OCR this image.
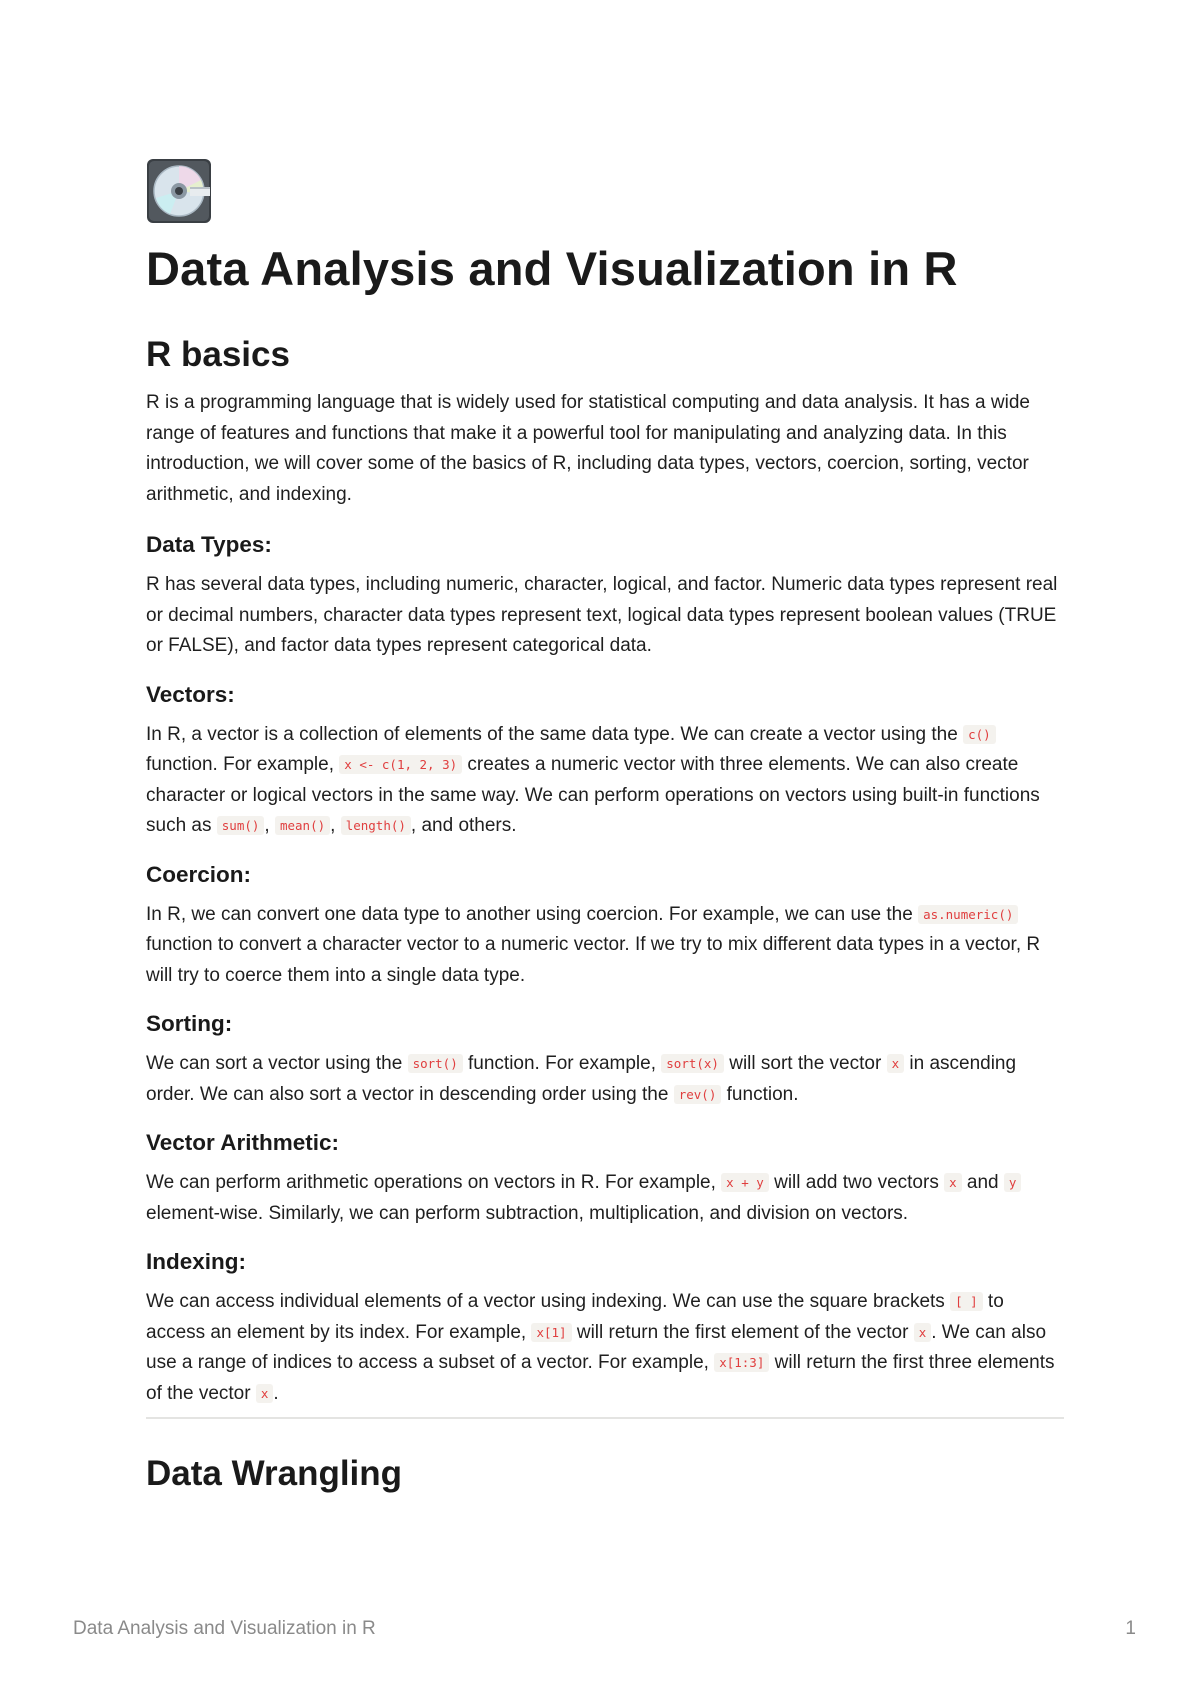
Data Analysis and Visualization in R
R basics

R is a programming language that is widely used for statistical computing and data analysis. It has a wide range of features and functions that make it a powerful tool for manipulating and analyzing data. In this introduction, we will cover some of the basics of R, including data types, vectors, coercion, sorting, vector arithmetic, and indexing.

Data Types:

R has several data types, including numeric, character, logical, and factor. Numeric data types represent real or decimal numbers, character data types represent text, logical data types represent boolean values (TRUE or FALSE), and factor data types represent categorical data.

Vectors:

In R, a vector is a collection of elements of the same data type. We can create a vector using the c() function. For example, x <- c(1, 2, 3) creates a numeric vector with three elements. We can also create character or logical vectors in the same way. We can perform operations on vectors using built-in functions such as sum() , mean() , length() , and others.

Coercion:

In R, we can convert one data type to another using coercion. For example, we can use the as.numeric() function to convert a character vector to a numeric vector. If we try to mix different data types in a vector, R will try to coerce them into a single data type.

Sorting:

We can sort a vector using the sort() function. For example, sort(x) will sort the vector x in ascending order. We can also sort a vector in descending order using the rev() function.

Vector Arithmetic:

We can perform arithmetic operations on vectors in R. For example, x + y will add two vectors x and y element-wise. Similarly, we can perform subtraction, multiplication, and division on vectors.

Indexing:

We can access individual elements of a vector using indexing. We can use the square brackets [ ] to access an element by its index. For example, x[1] will return the first element of the vector x . We can also use a range of indices to access a subset of a vector. For example, x[1:3] will return the first three elements of the vector x .

Data Wrangling
Data Analysis and Visualization in R	1
